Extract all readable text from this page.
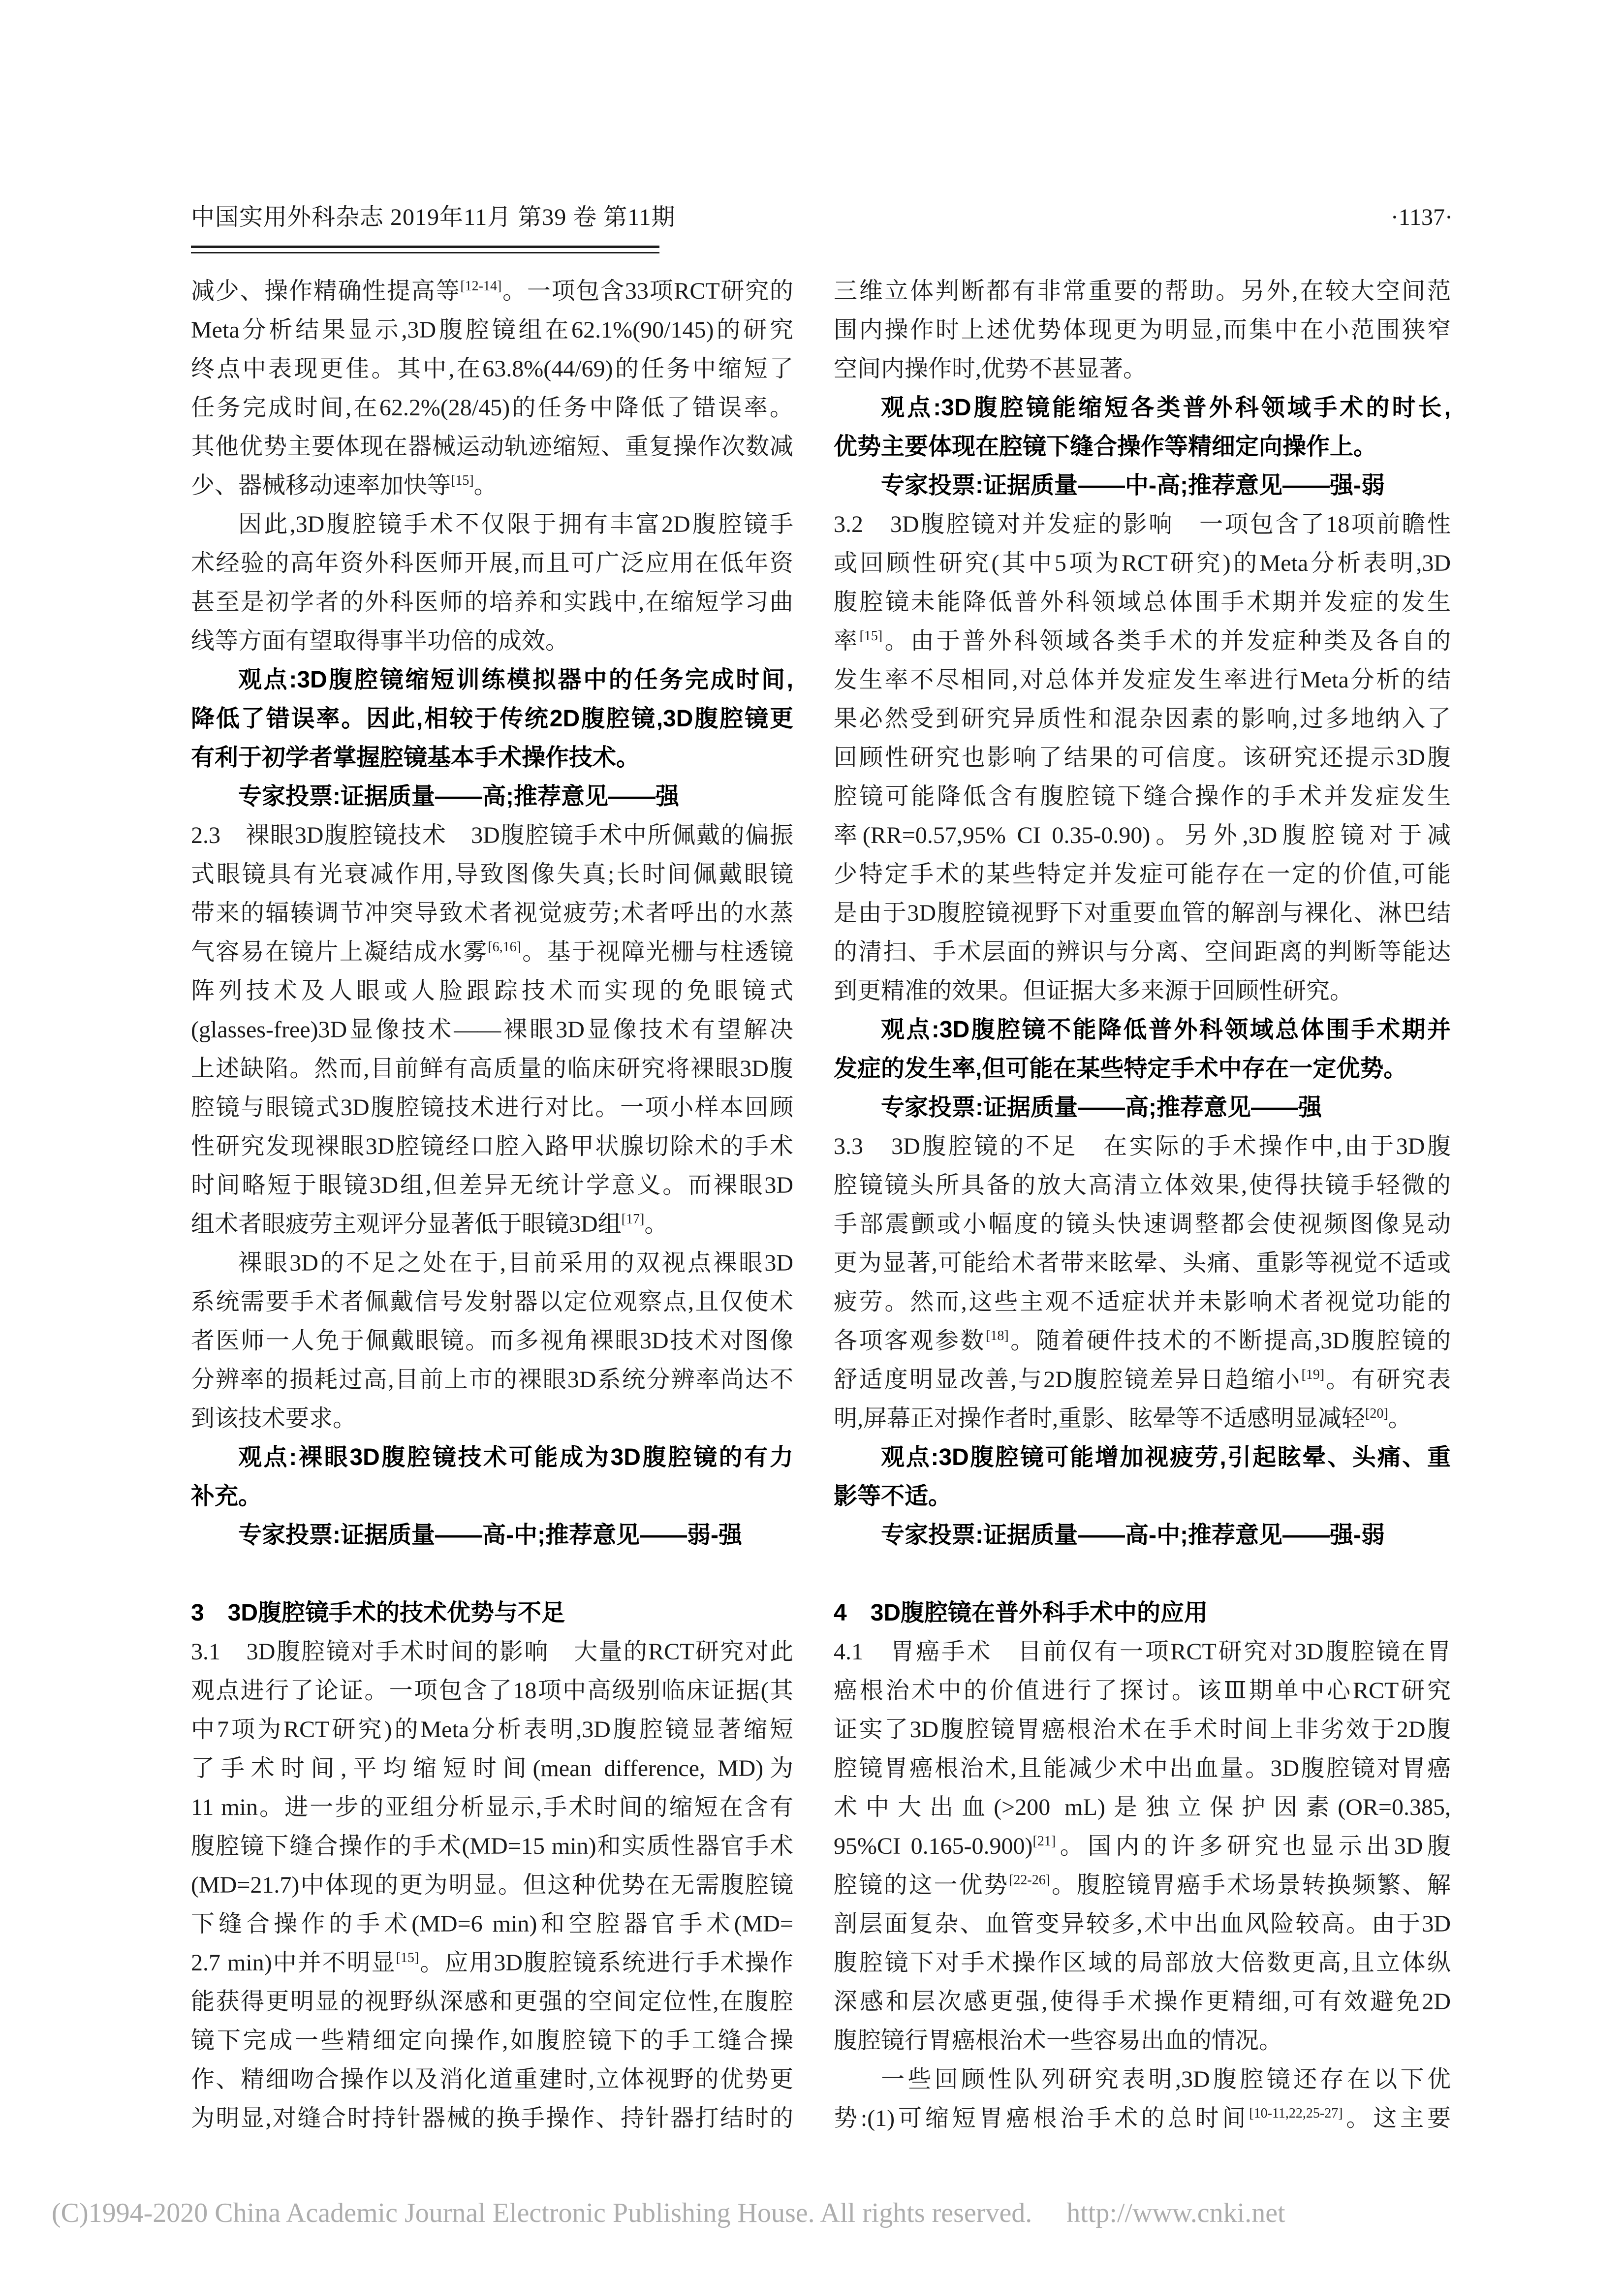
中国实用外科杂志 2019年11月 第39 卷 第11期	·1137·
减少、操作精确性提高等[12-14]。一项包含33项RCT研究的
Meta分析结果显示,3D腹腔镜组在62.1%(90/145)的研究
终点中表现更佳。其中,在63.8%(44/69)的任务中缩短了
任务完成时间,在62.2%(28/45)的任务中降低了错误率。
其他优势主要体现在器械运动轨迹缩短、重复操作次数减
少、器械移动速率加快等[15]。
因此,3D腹腔镜手术不仅限于拥有丰富2D腹腔镜手
术经验的高年资外科医师开展,而且可广泛应用在低年资
甚至是初学者的外科医师的培养和实践中,在缩短学习曲
线等方面有望取得事半功倍的成效。
观点:3D腹腔镜缩短训练模拟器中的任务完成时间,
降低了错误率。因此,相较于传统2D腹腔镜,3D腹腔镜更
有利于初学者掌握腔镜基本手术操作技术。
专家投票:证据质量——高;推荐意见——强
2.3　裸眼3D腹腔镜技术　3D腹腔镜手术中所佩戴的偏振
式眼镜具有光衰减作用,导致图像失真;长时间佩戴眼镜
带来的辐辏调节冲突导致术者视觉疲劳;术者呼出的水蒸
气容易在镜片上凝结成水雾[6,16]。基于视障光栅与柱透镜
阵列技术及人眼或人脸跟踪技术而实现的免眼镜式
(glasses-free)3D显像技术——裸眼3D显像技术有望解决
上述缺陷。然而,目前鲜有高质量的临床研究将裸眼3D腹
腔镜与眼镜式3D腹腔镜技术进行对比。一项小样本回顾
性研究发现裸眼3D腔镜经口腔入路甲状腺切除术的手术
时间略短于眼镜3D组,但差异无统计学意义。而裸眼3D
组术者眼疲劳主观评分显著低于眼镜3D组[17]。
裸眼3D的不足之处在于,目前采用的双视点裸眼3D
系统需要手术者佩戴信号发射器以定位观察点,且仅使术
者医师一人免于佩戴眼镜。而多视角裸眼3D技术对图像
分辨率的损耗过高,目前上市的裸眼3D系统分辨率尚达不
到该技术要求。
观点:裸眼3D腹腔镜技术可能成为3D腹腔镜的有力
补充。
专家投票:证据质量——高-中;推荐意见——弱-强
3　3D腹腔镜手术的技术优势与不足
3.1　3D腹腔镜对手术时间的影响　大量的RCT研究对此
观点进行了论证。一项包含了18项中高级别临床证据(其
中7项为RCT研究)的Meta分析表明,3D腹腔镜显著缩短
了手术时间,平均缩短时间(mean difference, MD)为
11 min。进一步的亚组分析显示,手术时间的缩短在含有
腹腔镜下缝合操作的手术(MD=15 min)和实质性器官手术
(MD=21.7)中体现的更为明显。但这种优势在无需腹腔镜
下缝合操作的手术(MD=6 min)和空腔器官手术(MD=
2.7 min)中并不明显[15]。应用3D腹腔镜系统进行手术操作
能获得更明显的视野纵深感和更强的空间定位性,在腹腔
镜下完成一些精细定向操作,如腹腔镜下的手工缝合操
作、精细吻合操作以及消化道重建时,立体视野的优势更
为明显,对缝合时持针器械的换手操作、持针器打结时的
三维立体判断都有非常重要的帮助。另外,在较大空间范
围内操作时上述优势体现更为明显,而集中在小范围狭窄
空间内操作时,优势不甚显著。
观点:3D腹腔镜能缩短各类普外科领域手术的时长,
优势主要体现在腔镜下缝合操作等精细定向操作上。
专家投票:证据质量——中-高;推荐意见——强-弱
3.2　3D腹腔镜对并发症的影响　一项包含了18项前瞻性
或回顾性研究(其中5项为RCT研究)的Meta分析表明,3D
腹腔镜未能降低普外科领域总体围手术期并发症的发生
率[15]。由于普外科领域各类手术的并发症种类及各自的
发生率不尽相同,对总体并发症发生率进行Meta分析的结
果必然受到研究异质性和混杂因素的影响,过多地纳入了
回顾性研究也影响了结果的可信度。该研究还提示3D腹
腔镜可能降低含有腹腔镜下缝合操作的手术并发症发生
率(RR=0.57,95% CI 0.35-0.90)。另外,3D腹腔镜对于减
少特定手术的某些特定并发症可能存在一定的价值,可能
是由于3D腹腔镜视野下对重要血管的解剖与裸化、淋巴结
的清扫、手术层面的辨识与分离、空间距离的判断等能达
到更精准的效果。但证据大多来源于回顾性研究。
观点:3D腹腔镜不能降低普外科领域总体围手术期并
发症的发生率,但可能在某些特定手术中存在一定优势。
专家投票:证据质量——高;推荐意见——强
3.3　3D腹腔镜的不足　在实际的手术操作中,由于3D腹
腔镜镜头所具备的放大高清立体效果,使得扶镜手轻微的
手部震颤或小幅度的镜头快速调整都会使视频图像晃动
更为显著,可能给术者带来眩晕、头痛、重影等视觉不适或
疲劳。然而,这些主观不适症状并未影响术者视觉功能的
各项客观参数[18]。随着硬件技术的不断提高,3D腹腔镜的
舒适度明显改善,与2D腹腔镜差异日趋缩小[19]。有研究表
明,屏幕正对操作者时,重影、眩晕等不适感明显减轻[20]。
观点:3D腹腔镜可能增加视疲劳,引起眩晕、头痛、重
影等不适。
专家投票:证据质量——高-中;推荐意见——强-弱
4　3D腹腔镜在普外科手术中的应用
4.1　胃癌手术　目前仅有一项RCT研究对3D腹腔镜在胃
癌根治术中的价值进行了探讨。该Ⅲ期单中心RCT研究
证实了3D腹腔镜胃癌根治术在手术时间上非劣效于2D腹
腔镜胃癌根治术,且能减少术中出血量。3D腹腔镜对胃癌
术中大出血(>200 mL)是独立保护因素(OR=0.385,
95%CI 0.165-0.900)[21]。国内的许多研究也显示出3D腹
腔镜的这一优势[22-26]。腹腔镜胃癌手术场景转换频繁、解
剖层面复杂、血管变异较多,术中出血风险较高。由于3D
腹腔镜下对手术操作区域的局部放大倍数更高,且立体纵
深感和层次感更强,使得手术操作更精细,可有效避免2D
腹腔镜行胃癌根治术一些容易出血的情况。
一些回顾性队列研究表明,3D腹腔镜还存在以下优
势:(1)可缩短胃癌根治手术的总时间[10-11,22,25-27]。这主要
(C)1994-2020 China Academic Journal Electronic Publishing House. All rights reserved. http://www.cnki.net
